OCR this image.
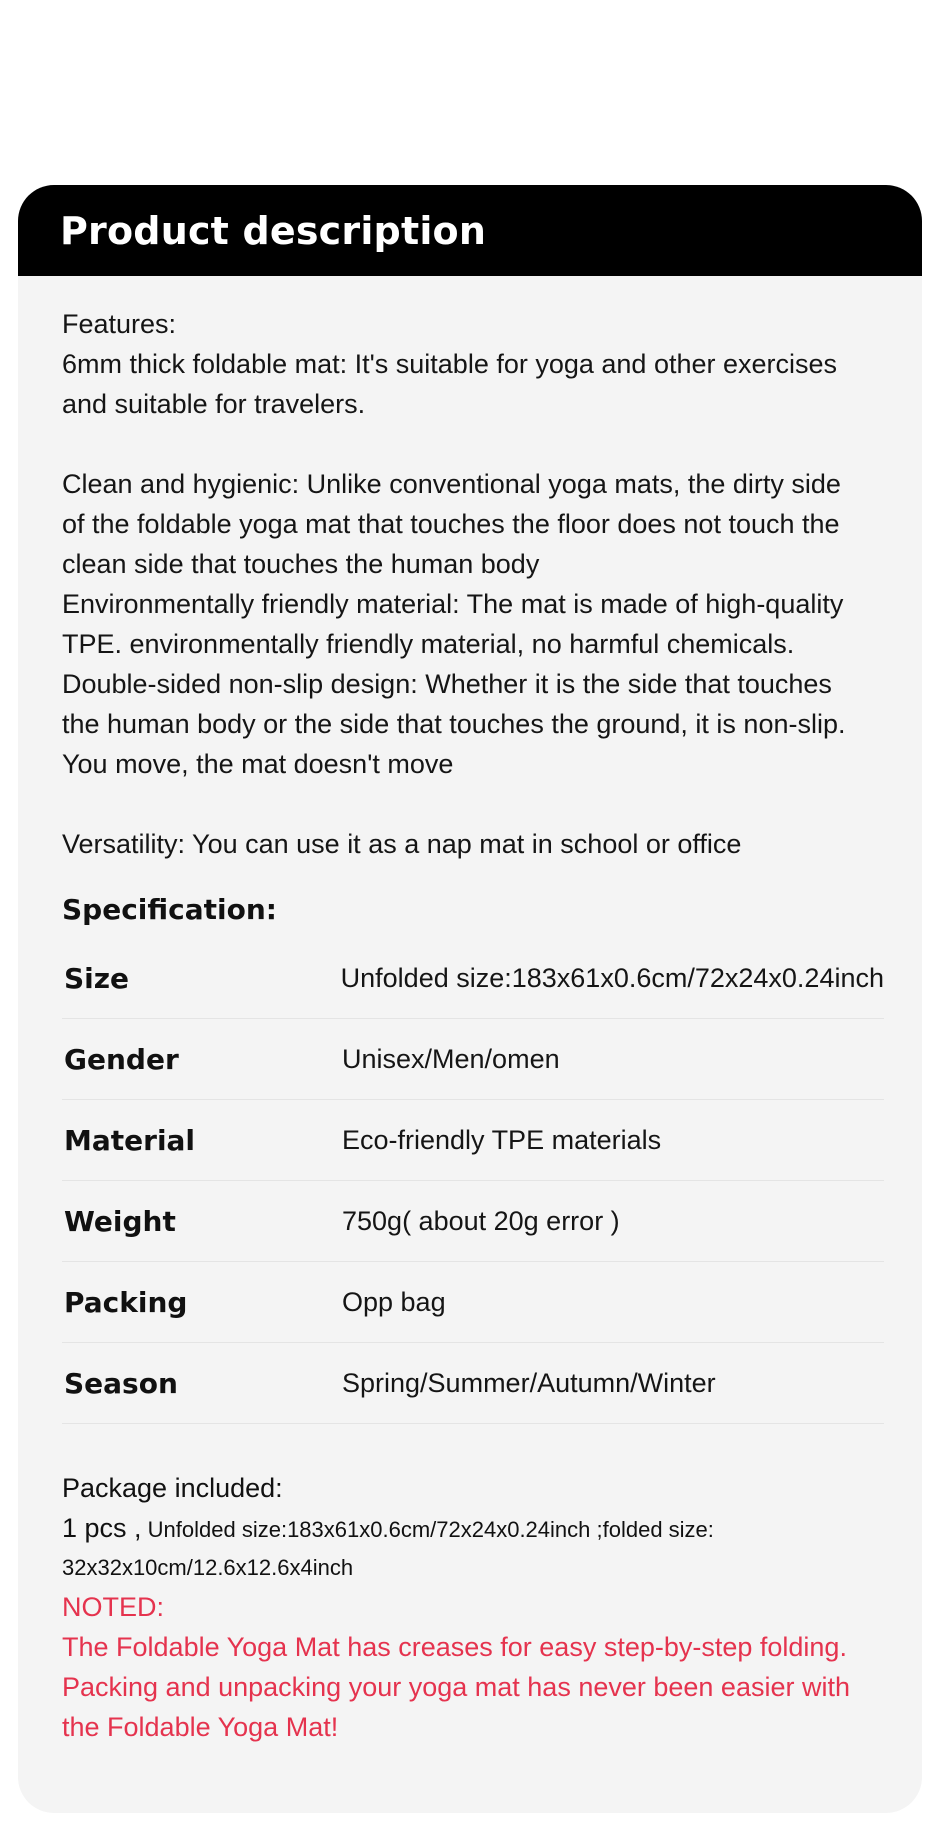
Product description

Features:

6mm thick foldable mat: It's suitable for yoga and other exercises

and suitable for travelers.

Clean and hygienic: Unlike conventional yoga mats, the dirty side

of the foldable yoga mat that touches the floor does not touch the

clean side that touches the human body

Environmentally friendly material: The mat is made of high-quality

TPE. environmentally friendly material, no harmful chemicals.

Double-sided non-slip design: Whether it is the side that touches

the human body or the side that touches the ground, it is non-slip.

You move, the mat doesn't move

Versatility: You can use it as a nap mat in school or office

Specification:
Size	Unfolded size:183x61x0.6cm/72x24x0.24inch
Gender	Unisex/Men/omen
Material	Eco-friendly TPE materials
Weight	750g( about 20g error )
Packing	Opp bag
Season	Spring/Summer/Autumn/Winter

Package included:

1 pcs , Unfolded size:183x61x0.6cm/72x24x0.24inch ;folded size:

32x32x10cm/12.6x12.6x4inch

NOTED:

The Foldable Yoga Mat has creases for easy step-by-step folding.

Packing and unpacking your yoga mat has never been easier with

the Foldable Yoga Mat!
